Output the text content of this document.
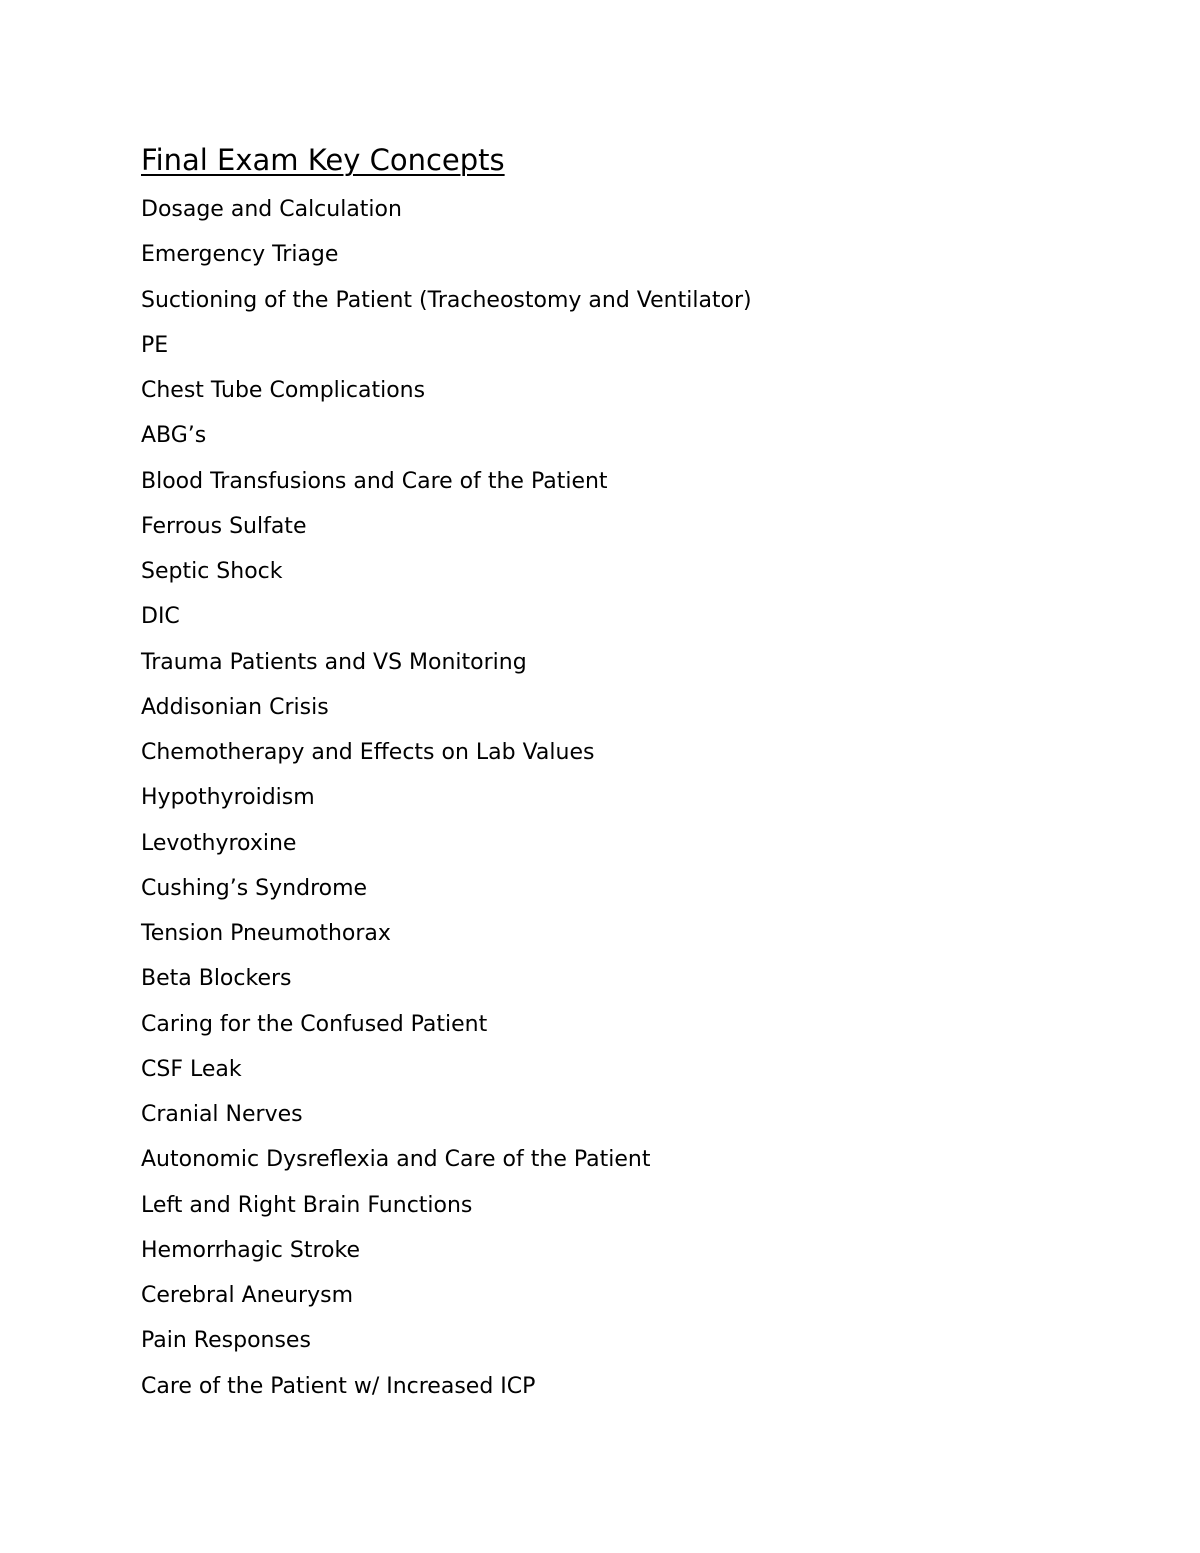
Final Exam Key Concepts
Dosage and Calculation
Emergency Triage
Suctioning of the Patient (Tracheostomy and Ventilator)
PE
Chest Tube Complications
ABG’s
Blood Transfusions and Care of the Patient
Ferrous Sulfate
Septic Shock
DIC
Trauma Patients and VS Monitoring
Addisonian Crisis
Chemotherapy and Effects on Lab Values
Hypothyroidism
Levothyroxine
Cushing’s Syndrome
Tension Pneumothorax
Beta Blockers
Caring for the Confused Patient
CSF Leak
Cranial Nerves
Autonomic Dysreflexia and Care of the Patient
Left and Right Brain Functions
Hemorrhagic Stroke
Cerebral Aneurysm
Pain Responses
Care of the Patient w/ Increased ICP
